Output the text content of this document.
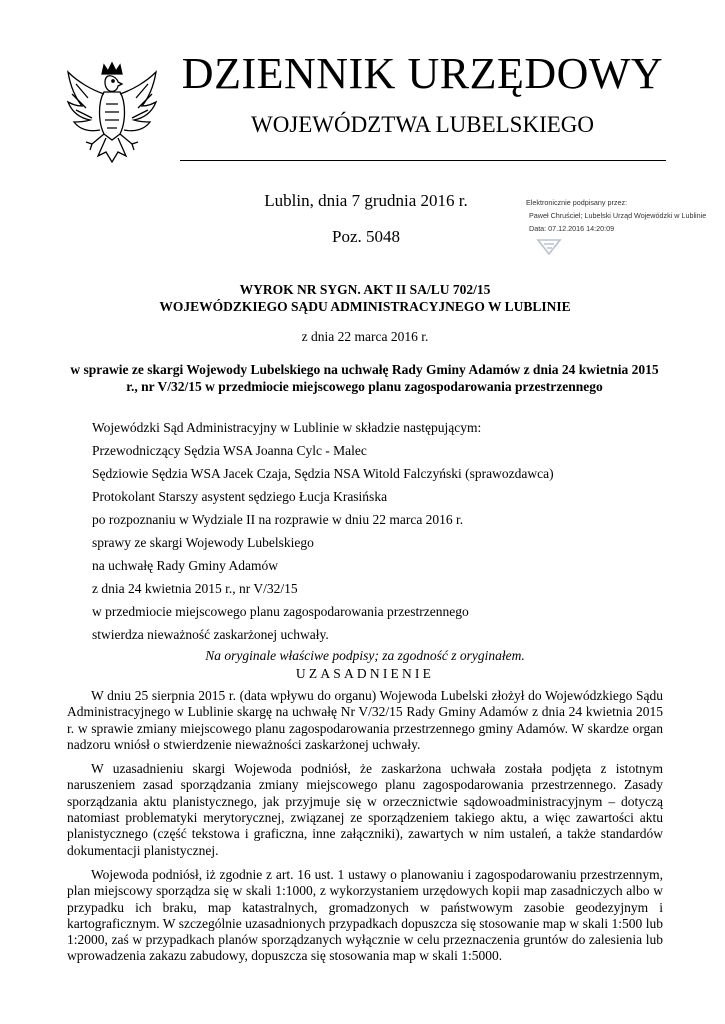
DZIENNIK URZĘDOWY
WOJEWÓDZTWA LUBELSKIEGO
Lublin, dnia 7 grudnia 2016 r.
Poz. 5048
Elektronicznie podpisany przez:
Paweł Chruściel; Lubelski Urząd Wojewódzki w Lublinie
Data: 07.12.2016 14:20:09
WYROK NR SYGN. AKT II SA/LU 702/15
WOJEWÓDZKIEGO SĄDU ADMINISTRACYJNEGO W LUBLINIE
z dnia 22 marca 2016 r.
w sprawie ze skargi Wojewody Lubelskiego na uchwałę Rady Gminy Adamów z dnia 24 kwietnia 2015
r., nr V/32/15 w przedmiocie miejscowego planu zagospodarowania przestrzennego
Wojewódzki Sąd Administracyjny w Lublinie w składzie następującym:
Przewodniczący Sędzia WSA Joanna Cylc - Malec
Sędziowie Sędzia WSA Jacek Czaja, Sędzia NSA Witold Falczyński (sprawozdawca)
Protokolant Starszy asystent sędziego Łucja Krasińska
po rozpoznaniu w Wydziale II na rozprawie w dniu 22 marca 2016 r.
sprawy ze skargi Wojewody Lubelskiego
na uchwałę Rady Gminy Adamów
z dnia 24 kwietnia 2015 r., nr V/32/15
w przedmiocie miejscowego planu zagospodarowania przestrzennego
stwierdza nieważność zaskarżonej uchwały.
Na oryginale właściwe podpisy; za zgodność z oryginałem.
UZASADNIENIE

W dniu 25 sierpnia 2015 r. (data wpływu do organu) Wojewoda Lubelski złożył do Wojewódzkiego Sądu Administracyjnego w Lublinie skargę na uchwałę Nr V/32/15 Rady Gminy Adamów z dnia 24 kwietnia 2015 r. w sprawie zmiany miejscowego planu zagospodarowania przestrzennego gminy Adamów. W skardze organ nadzoru wniósł o stwierdzenie nieważności zaskarżonej uchwały.

W uzasadnieniu skargi Wojewoda podniósł, że zaskarżona uchwała została podjęta z istotnym naruszeniem zasad sporządzania zmiany miejscowego planu zagospodarowania przestrzennego. Zasady sporządzania aktu planistycznego, jak przyjmuje się w orzecznictwie sądowoadministracyjnym – dotyczą natomiast problematyki merytorycznej, związanej ze sporządzeniem takiego aktu, a więc zawartości aktu planistycznego (część tekstowa i graficzna, inne załączniki), zawartych w nim ustaleń, a także standardów dokumentacji planistycznej.

Wojewoda podniósł, iż zgodnie z art. 16 ust. 1 ustawy o planowaniu i zagospodarowaniu przestrzennym, plan miejscowy sporządza się w skali 1:1000, z wykorzystaniem urzędowych kopii map zasadniczych albo w przypadku ich braku, map katastralnych, gromadzonych w państwowym zasobie geodezyjnym i kartograficznym. W szczególnie uzasadnionych przypadkach dopuszcza się stosowanie map w skali 1:500 lub 1:2000, zaś w przypadkach planów sporządzanych wyłącznie w celu przeznaczenia gruntów do zalesienia lub wprowadzenia zakazu zabudowy, dopuszcza się stosowania map w skali 1:5000.
